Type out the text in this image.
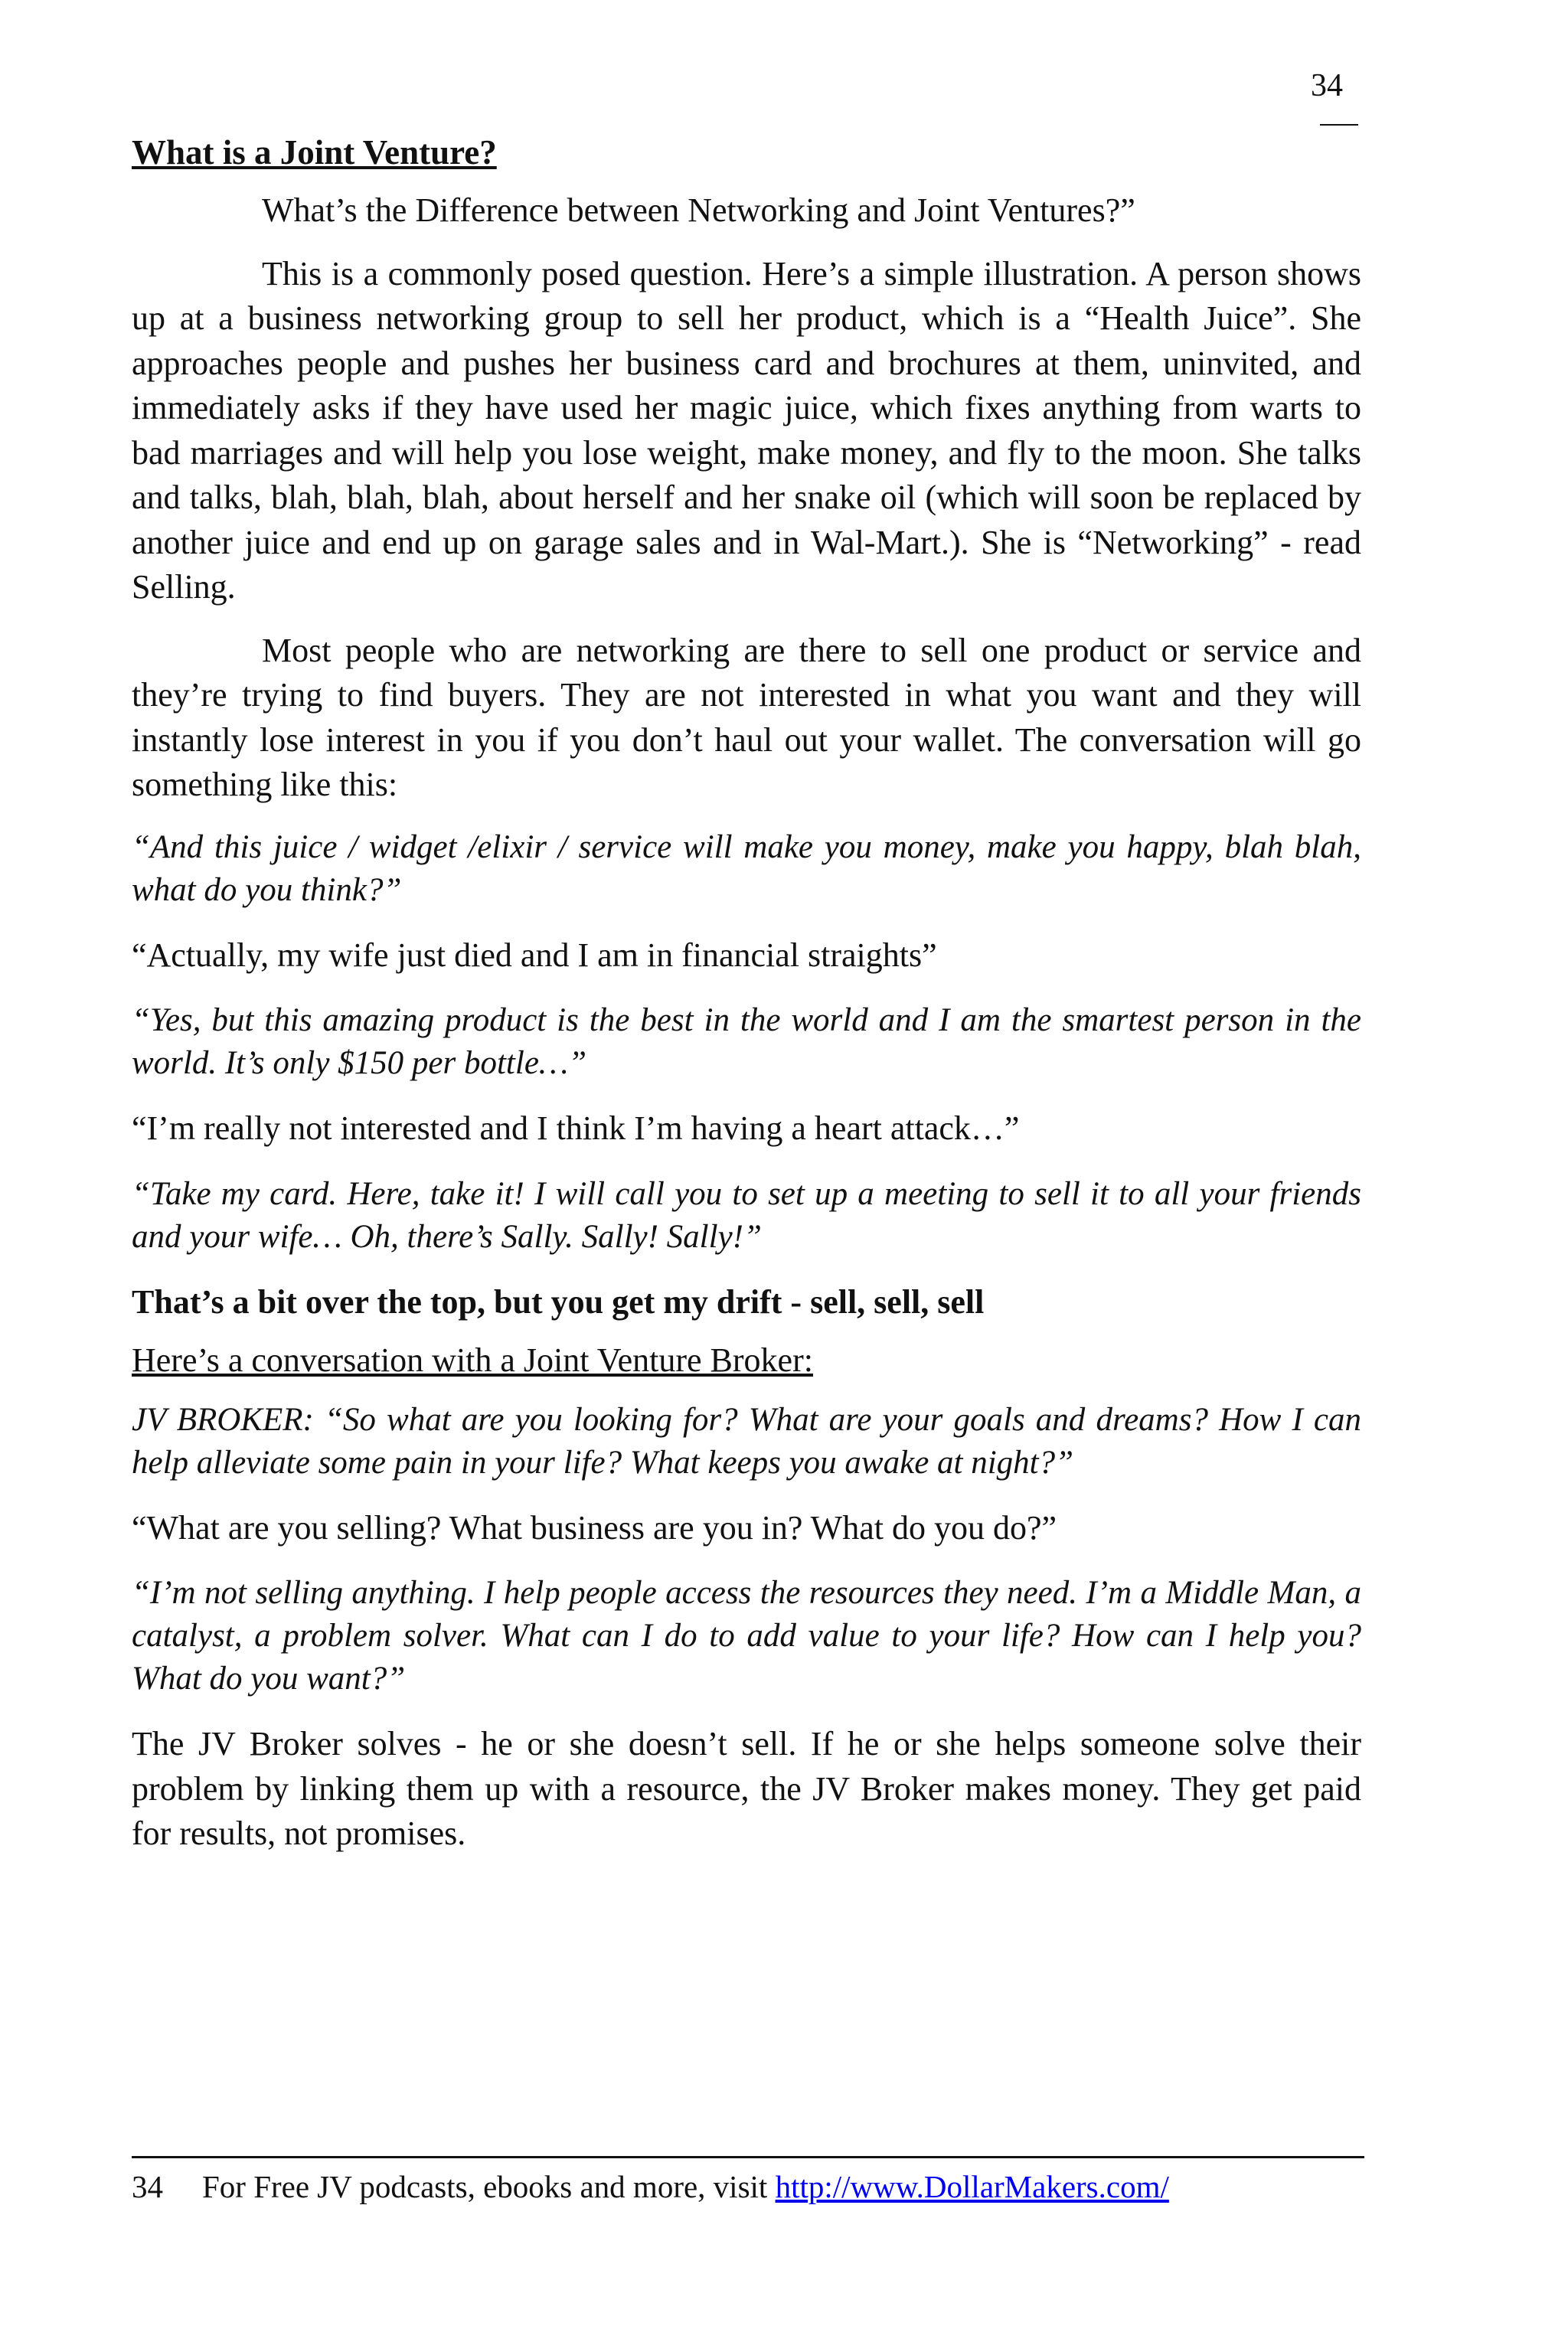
34
What is a Joint Venture?

What’s the Difference between Networking and Joint Ventures?”

This is a commonly posed question. Here’s a simple illustration. A person shows up at a business networking group to sell her product, which is a “Health Juice”. She approaches people and pushes her business card and brochures at them, uninvited, and immediately asks if they have used her magic juice, which fixes anything from warts to bad marriages and will help you lose weight, make money, and fly to the moon. She talks and talks, blah, blah, blah, about herself and her snake oil (which will soon be replaced by another juice and end up on garage sales and in Wal-Mart.). She is “Networking” - read Selling.

Most people who are networking are there to sell one product or service and they’re trying to find buyers. They are not interested in what you want and they will instantly lose interest in you if you don’t haul out your wallet. The conversation will go something like this:

“And this juice / widget /elixir / service will make you money, make you happy, blah blah, what do you think?”

“Actually, my wife just died and I am in financial straights”

“Yes, but this amazing product is the best in the world and I am the smartest person in the world. It’s only $150 per bottle…”

“I’m really not interested and I think I’m having a heart attack…”

“Take my card. Here, take it! I will call you to set up a meeting to sell it to all your friends and your wife… Oh, there’s Sally. Sally! Sally!”

That’s a bit over the top, but you get my drift - sell, sell, sell

Here’s a conversation with a Joint Venture Broker:

JV BROKER: “So what are you looking for? What are your goals and dreams? How I can help alleviate some pain in your life? What keeps you awake at night?”

“What are you selling? What business are you in? What do you do?”

“I’m not selling anything. I help people access the resources they need. I’m a Middle Man, a catalyst, a problem solver. What can I do to add value to your life? How can I help you? What do you want?”

The JV Broker solves - he or she doesn’t sell. If he or she helps someone solve their problem by linking them up with a resource, the JV Broker makes money. They get paid for results, not promises.

34 For Free JV podcasts, ebooks and more, visit http://www.DollarMakers.com/
